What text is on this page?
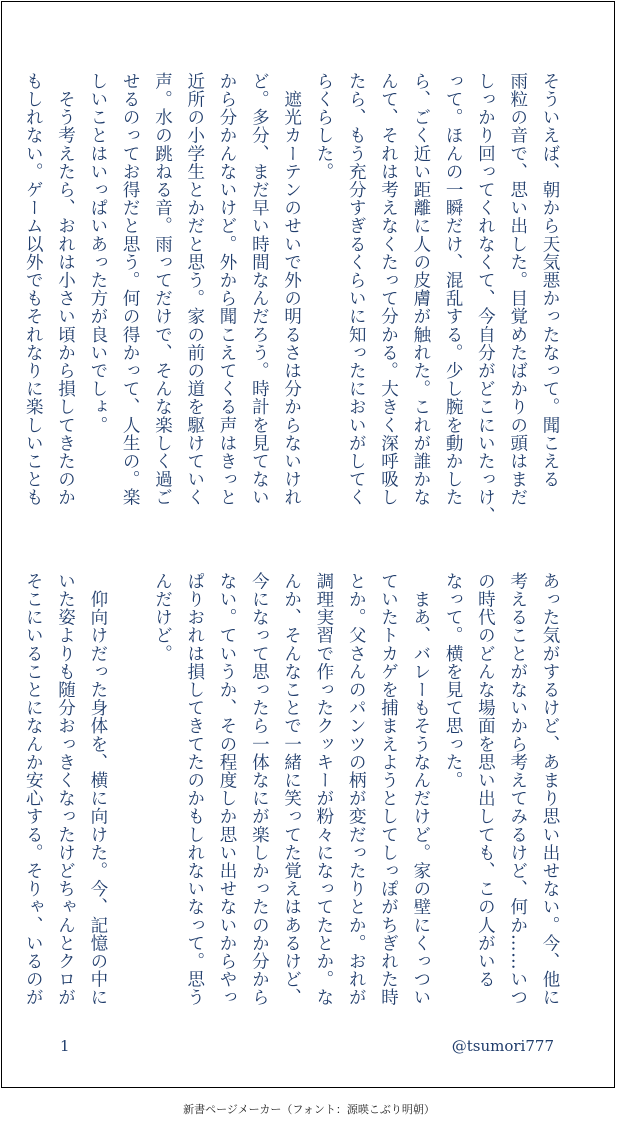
そういえば、朝から天気悪かったなって。聞こえる
雨粒の音で、思い出した。目覚めたばかりの頭はまだ
しっかり回ってくれなくて、今自分がどこにいたっけ、
って。ほんの一瞬だけ、混乱する。少し腕を動かした
ら、ごく近い距離に人の皮膚が触れた。これが誰かな
んて、それは考えなくたって分かる。大きく深呼吸し
たら、もう充分すぎるくらいに知ったにおいがしてく
らくらした。
　遮光カーテンのせいで外の明るさは分からないけれ
ど。多分、まだ早い時間なんだろう。時計を見てない
から分かんないけど。外から聞こえてくる声はきっと
近所の小学生とかだと思う。家の前の道を駆けていく
声。水の跳ねる音。雨ってだけで、そんな楽しく過ご
せるのってお得だと思う。何の得かって、人生の。楽
しいことはいっぱいあった方が良いでしょ。
　そう考えたら、おれは小さい頃から損してきたのか
もしれない。ゲーム以外でもそれなりに楽しいことも
あった気がするけど、あまり思い出せない。今、他に
考えることがないから考えてみるけど、何か……いつ
の時代のどんな場面を思い出しても、この人がいる
なって。横を見て思った。
　まあ、バレーもそうなんだけど。家の壁にくっつい
ていたトカゲを捕まえようとしてしっぽがちぎれた時
とか。父さんのパンツの柄が変だったりとか。おれが
調理実習で作ったクッキーが粉々になってたとか。な
んか、そんなことで一緒に笑ってた覚えはあるけど、
今になって思ったら一体なにが楽しかったのか分から
ない。ていうか、その程度しか思い出せないからやっ
ぱりおれは損してきてたのかもしれないなって。思う
んだけど。

　仰向けだった身体を、横に向けた。今、記憶の中に
いた姿よりも随分おっきくなったけどちゃんとクロが
そこにいることになんか安心する。そりゃ、いるのが
1	@tsumori777
新書ページメーカー（フォント：源暎こぶり明朝）
